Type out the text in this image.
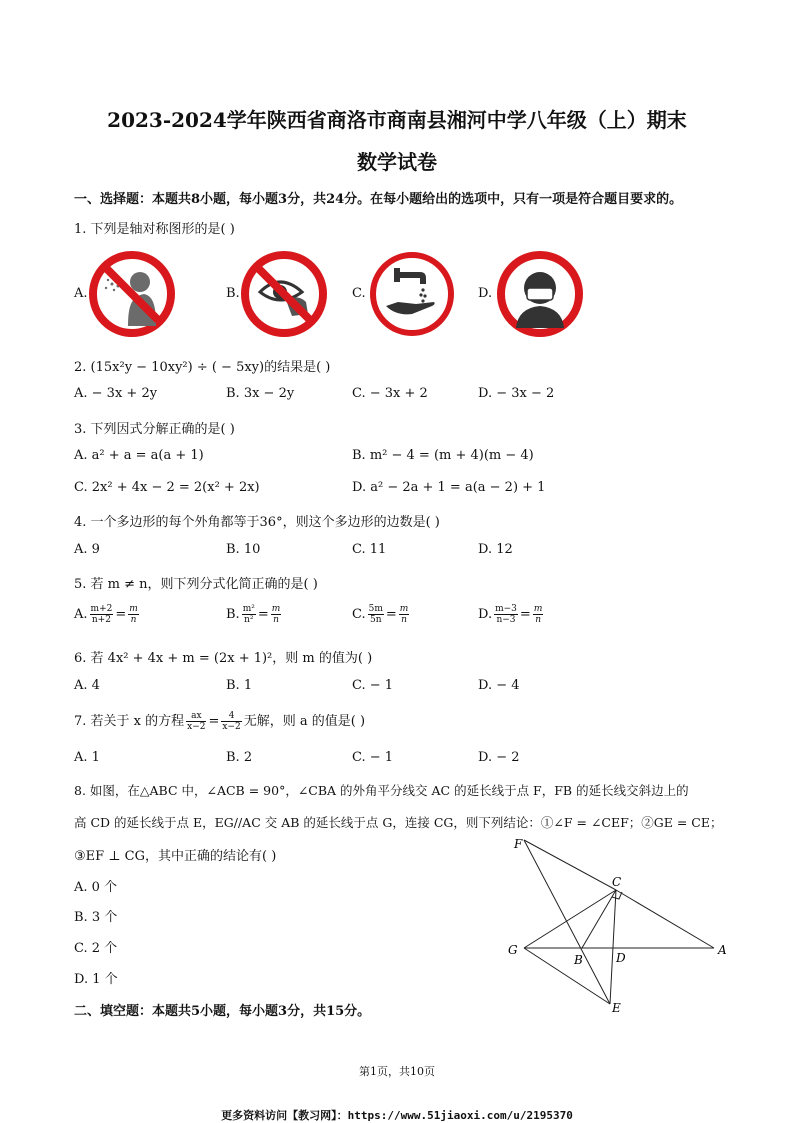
2023-2024学年陕西省商洛市商南县湘河中学八年级（上）期末
数学试卷
一、选择题：本题共8小题，每小题3分，共24分。在每小题给出的选项中，只有一项是符合题目要求的。
1. 下列是轴对称图形的是( )
A.	B.	C.	D.
2. (15x²y − 10xy²) ÷ ( − 5xy)的结果是( )
A. − 3x + 2y	B. 3x − 2y	C. − 3x + 2	D. − 3x − 2
3. 下列因式分解正确的是( )
A. a² + a = a(a + 1)	B. m² − 4 = (m + 4)(m − 4)
C. 2x² + 4x − 2 = 2(x² + 2x)	D. a² − 2a + 1 = a(a − 2) + 1
4. 一个多边形的每个外角都等于36°，则这个多边形的边数是( )
A. 9	B. 10	C. 11	D. 12
5. 若 m ≠ n，则下列分式化简正确的是( )
A. $\frac{m+2}{n+2} = \frac{m}{n}$	B. $\frac{\text{m²}}{\text{n²}} = \frac{m}{n}$	C. $\frac{5m}{5n} = \frac{m}{n}$	D. $\frac{m-3}{n-3} = \frac{m}{n}$
6. 若 4x² + 4x + m = (2x + 1)²，则 m 的值为( )
A. 4	B. 1	C. − 1	D. − 4
7. 若关于 x 的方程 $\frac{ax}{x-2} = \frac{4}{x-2}$ 无解，则 a 的值是( )
A. 1	B. 2	C. − 1	D. − 2
8. 如图，在△ABC 中，∠ACB = 90°，∠CBA 的外角平分线交 AC 的延长线于点 F，FB 的延长线交斜边上的
高 CD 的延长线于点 E，EG//AC 交 AB 的延长线于点 G，连接 CG，则下列结论：①∠F = ∠CEF；②GE = CE；
③EF ⊥ CG，其中正确的结论有( )
A. 0 个
B. 3 个
C. 2 个
D. 1 个
F
C
G
B	D
A
E
二、填空题：本题共5小题，每小题3分，共15分。
第1页，共10页
更多资料访问【教习网】：https://www.51jiaoxi.com/u/2195370
